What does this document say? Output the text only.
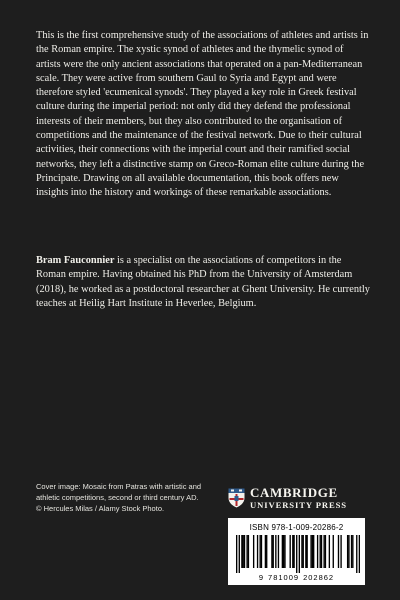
This is the first comprehensive study of the associations of athletes and artists in the Roman empire. The xystic synod of athletes and the thymelic synod of artists were the only ancient associations that operated on a pan-Mediterranean scale. They were active from southern Gaul to Syria and Egypt and were therefore styled 'ecumenical synods'. They played a key role in Greek festival culture during the imperial period: not only did they defend the professional interests of their members, but they also contributed to the organisation of competitions and the maintenance of the festival network. Due to their cultural activities, their connections with the imperial court and their ramified social networks, they left a distinctive stamp on Greco-Roman elite culture during the Principate. Drawing on all available documentation, this book offers new insights into the history and workings of these remarkable associations.

Bram Fauconnier is a specialist on the associations of competitors in the Roman empire. Having obtained his PhD from the University of Amsterdam (2018), he worked as a postdoctoral researcher at Ghent University. He currently teaches at Heilig Hart Institute in Heverlee, Belgium.

Cover image: Mosaic from Patras with artistic and athletic competitions, second or third century AD. © Hercules Milas / Alamy Stock Photo.
CAMBRIDGE
UNIVERSITY PRESS
ISBN 978-1-009-20286-2
9 781009 202862
